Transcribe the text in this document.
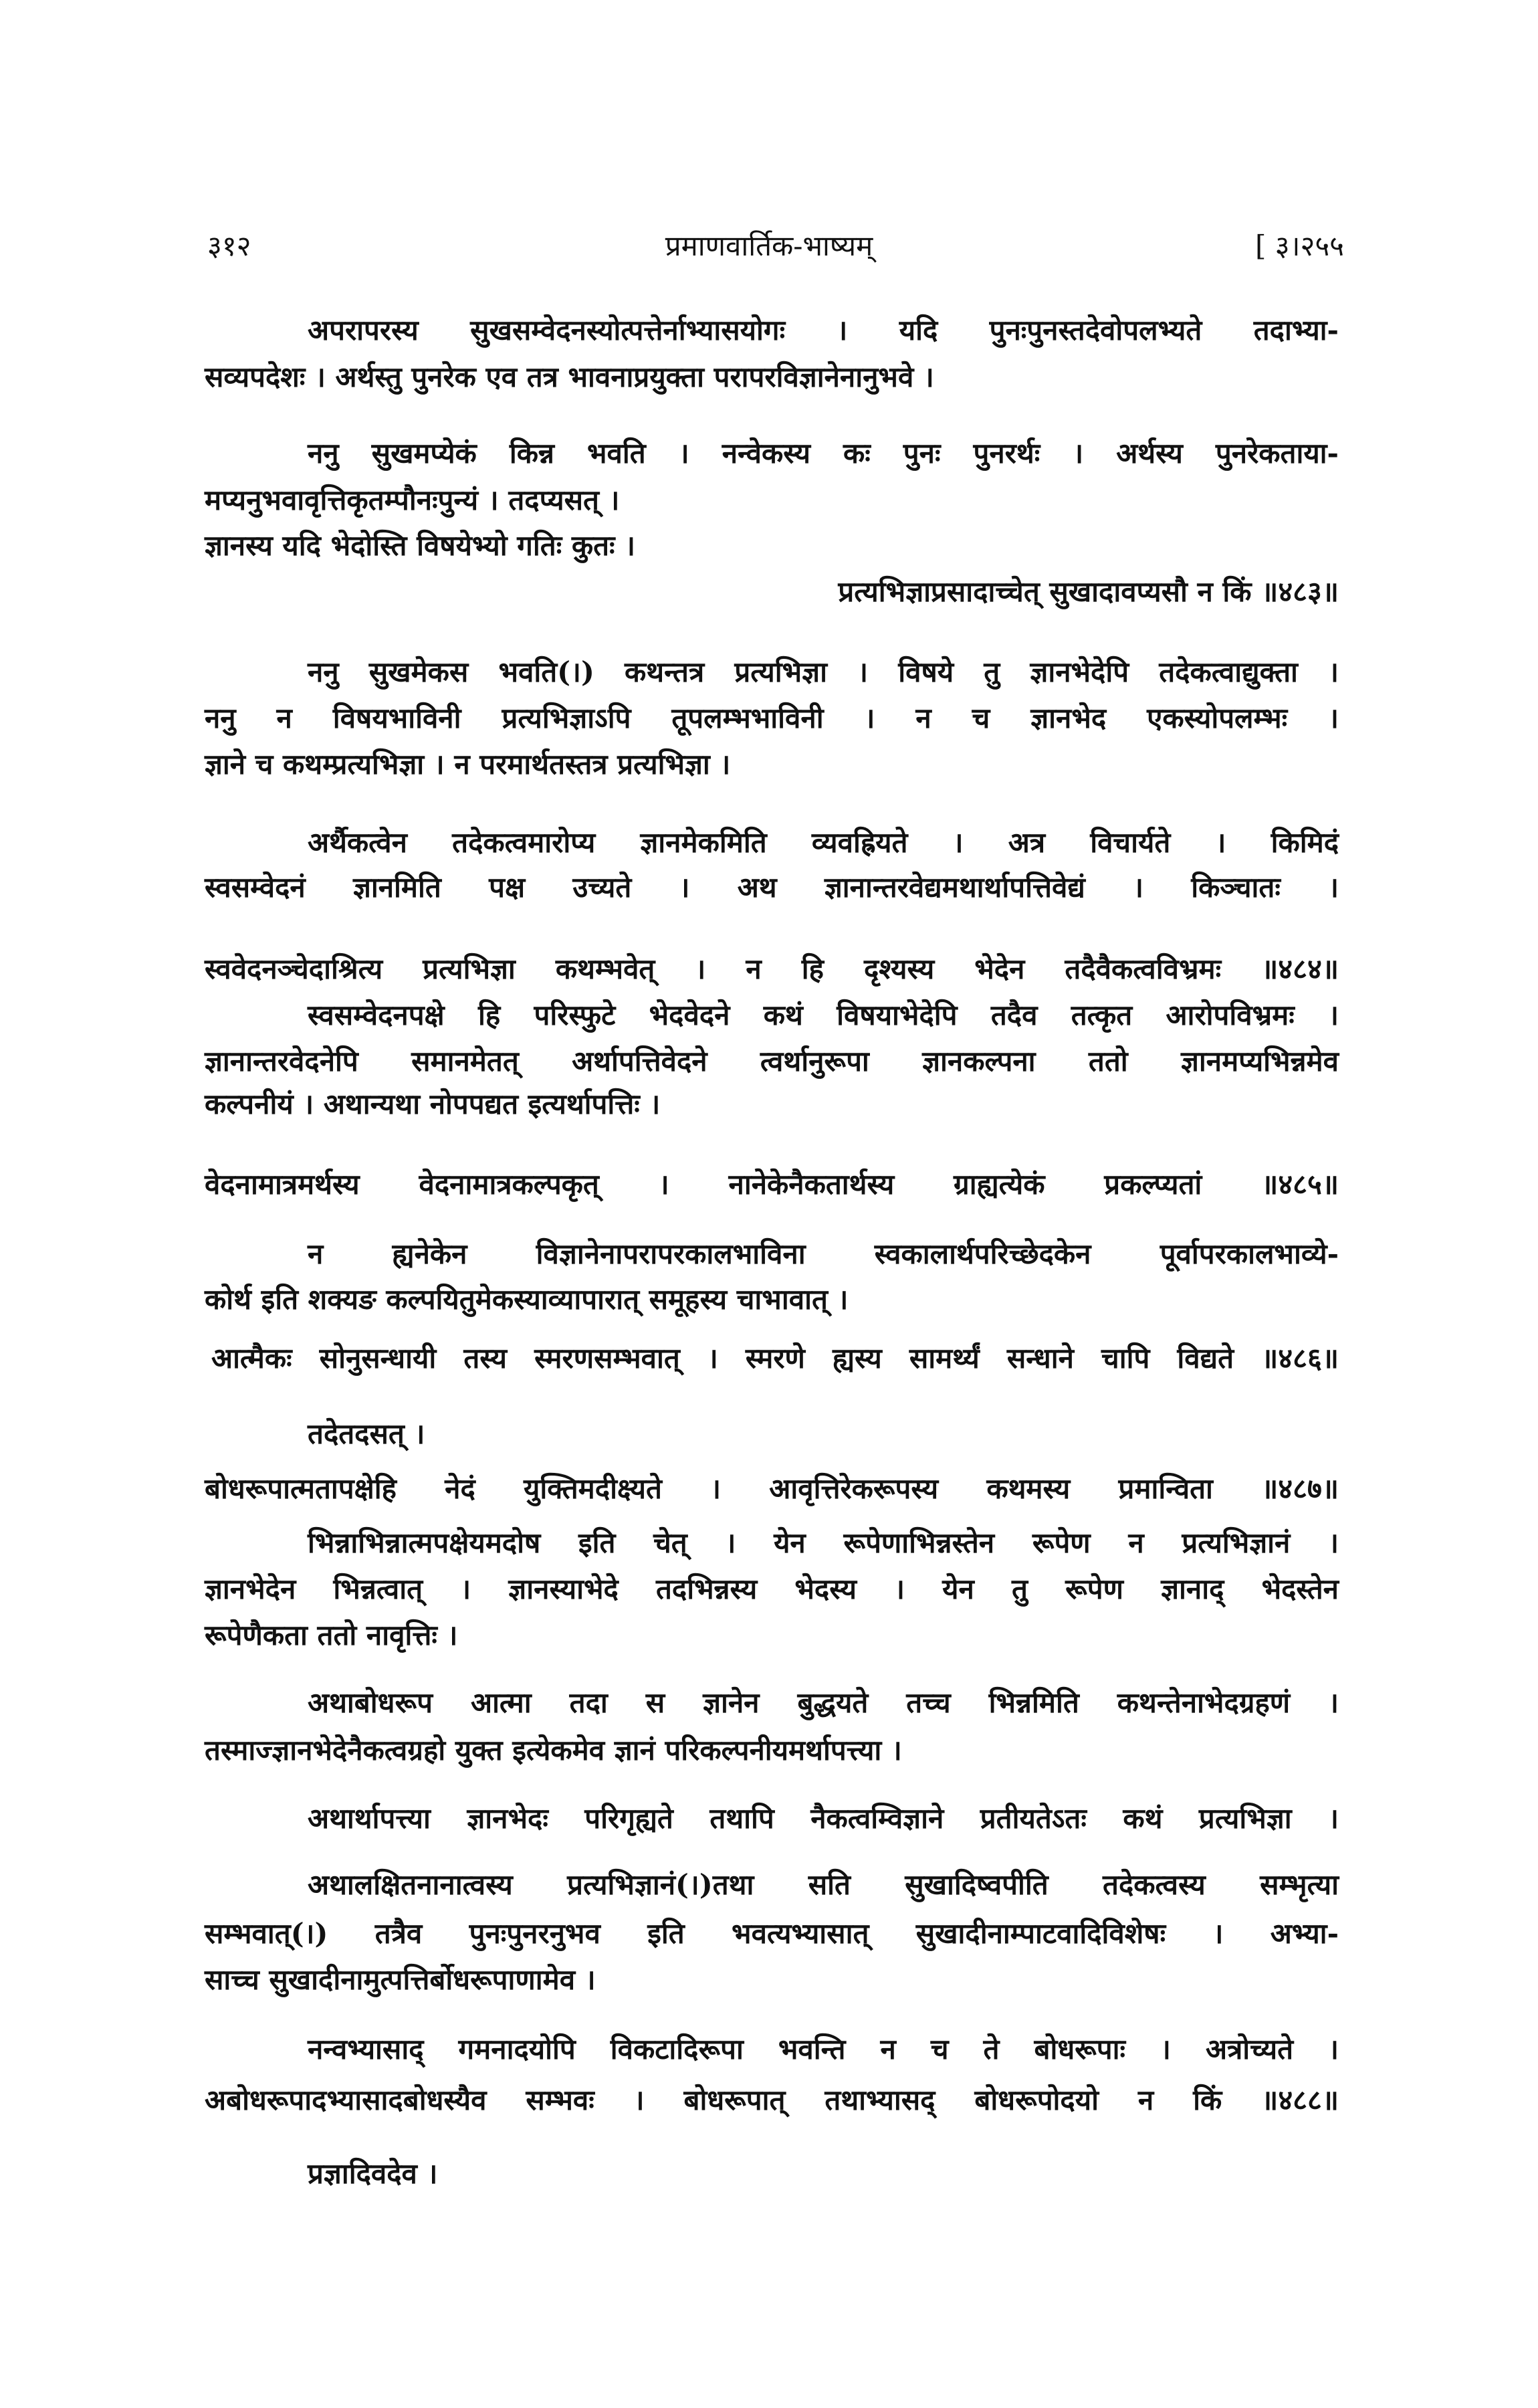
३१२	प्रमाणवार्तिक-भाष्यम्	[ ३।२५५
अपरापरस्य सुखसम्वेदनस्योत्पत्तेर्नाभ्यासयोगः । यदि पुनःपुनस्तदेवोपलभ्यते तदाभ्या-
सव्यपदेशः । अर्थस्तु पुनरेक एव तत्र भावनाप्रयुक्ता परापरविज्ञानेनानुभवे ।
ननु सुखमप्येकं किन्न भवति । नन्वेकस्य कः पुनः पुनरर्थः । अर्थस्य पुनरेकताया-
मप्यनुभवावृत्तिकृतम्पौनःपुन्यं । तदप्यसत् ।
ज्ञानस्य यदि भेदोस्ति विषयेभ्यो गतिः कुतः ।
प्रत्यभिज्ञाप्रसादाच्चेत् सुखादावप्यसौ न किं ॥४८३॥
ननु सुखमेकस भवति(।) कथन्तत्र प्रत्यभिज्ञा । विषये तु ज्ञानभेदेपि तदेकत्वाद्युक्ता ।
ननु न विषयभाविनी प्रत्यभिज्ञाऽपि तूपलम्भभाविनी । न च ज्ञानभेद एकस्योपलम्भः ।
ज्ञाने च कथम्प्रत्यभिज्ञा । न परमार्थतस्तत्र प्रत्यभिज्ञा ।
अर्थैकत्वेन तदेकत्वमारोप्य ज्ञानमेकमिति व्यवह्रियते । अत्र विचार्यते । किमिदं
स्वसम्वेदनं ज्ञानमिति पक्ष उच्यते । अथ ज्ञानान्तरवेद्यमथार्थापत्तिवेद्यं । किञ्चातः ।
स्ववेदनञ्चेदाश्रित्य प्रत्यभिज्ञा कथम्भवेत् । न हि दृश्यस्य भेदेन तदैवैकत्वविभ्रमः ॥४८४॥
स्वसम्वेदनपक्षे हि परिस्फुटे भेदवेदने कथं विषयाभेदेपि तदैव तत्कृत आरोपविभ्रमः ।
ज्ञानान्तरवेदनेपि समानमेतत् अर्थापत्तिवेदने त्वर्थानुरूपा ज्ञानकल्पना ततो ज्ञानमप्यभिन्नमेव
कल्पनीयं । अथान्यथा नोपपद्यत इत्यर्थापत्तिः ।
वेदनामात्रमर्थस्य वेदनामात्रकल्पकृत् । नानेकेनैकतार्थस्य ग्राह्यत्येकं प्रकल्प्यतां ॥४८५॥
न ह्यनेकेन विज्ञानेनापरापरकालभाविना स्वकालार्थपरिच्छेदकेन पूर्वापरकालभाव्ये-
कोर्थ इति शक्यङ कल्पयितुमेकस्याव्यापारात् समूहस्य चाभावात् ।
आत्मैकः सोनुसन्धायी तस्य स्मरणसम्भवात् । स्मरणे ह्यस्य सामर्थ्यं सन्धाने चापि विद्यते ॥४८६॥
तदेतदसत् ।
बोधरूपात्मतापक्षेहि नेदं युक्तिमदीक्ष्यते । आवृत्तिरेकरूपस्य कथमस्य प्रमान्विता ॥४८७॥
भिन्नाभिन्नात्मपक्षेयमदोष इति चेत् । येन रूपेणाभिन्नस्तेन रूपेण न प्रत्यभिज्ञानं ।
ज्ञानभेदेन भिन्नत्वात् । ज्ञानस्याभेदे तदभिन्नस्य भेदस्य । येन तु रूपेण ज्ञानाद् भेदस्तेन
रूपेणैकता ततो नावृत्तिः ।
अथाबोधरूप आत्मा तदा स ज्ञानेन बुद्धयते तच्च भिन्नमिति कथन्तेनाभेदग्रहणं ।
तस्माज्ज्ञानभेदेनैकत्वग्रहो युक्त इत्येकमेव ज्ञानं परिकल्पनीयमर्थापत्त्या ।
अथार्थापत्त्या ज्ञानभेदः परिगृह्यते तथापि नैकत्वम्विज्ञाने प्रतीयतेऽतः कथं प्रत्यभिज्ञा ।
अथालक्षितनानात्वस्य प्रत्यभिज्ञानं(।)तथा सति सुखादिष्वपीति तदेकत्वस्य सम्भृत्या
सम्भवात्(।) तत्रैव पुनःपुनरनुभव इति भवत्यभ्यासात् सुखादीनाम्पाटवादिविशेषः । अभ्या-
साच्च सुखादीनामुत्पत्तिर्बोधरूपाणामेव ।
नन्वभ्यासाद् गमनादयोपि विकटादिरूपा भवन्ति न च ते बोधरूपाः । अत्रोच्यते ।
अबोधरूपादभ्यासादबोधस्यैव सम्भवः । बोधरूपात् तथाभ्यासद् बोधरूपोदयो न किं ॥४८८॥
प्रज्ञादिवदेव ।
